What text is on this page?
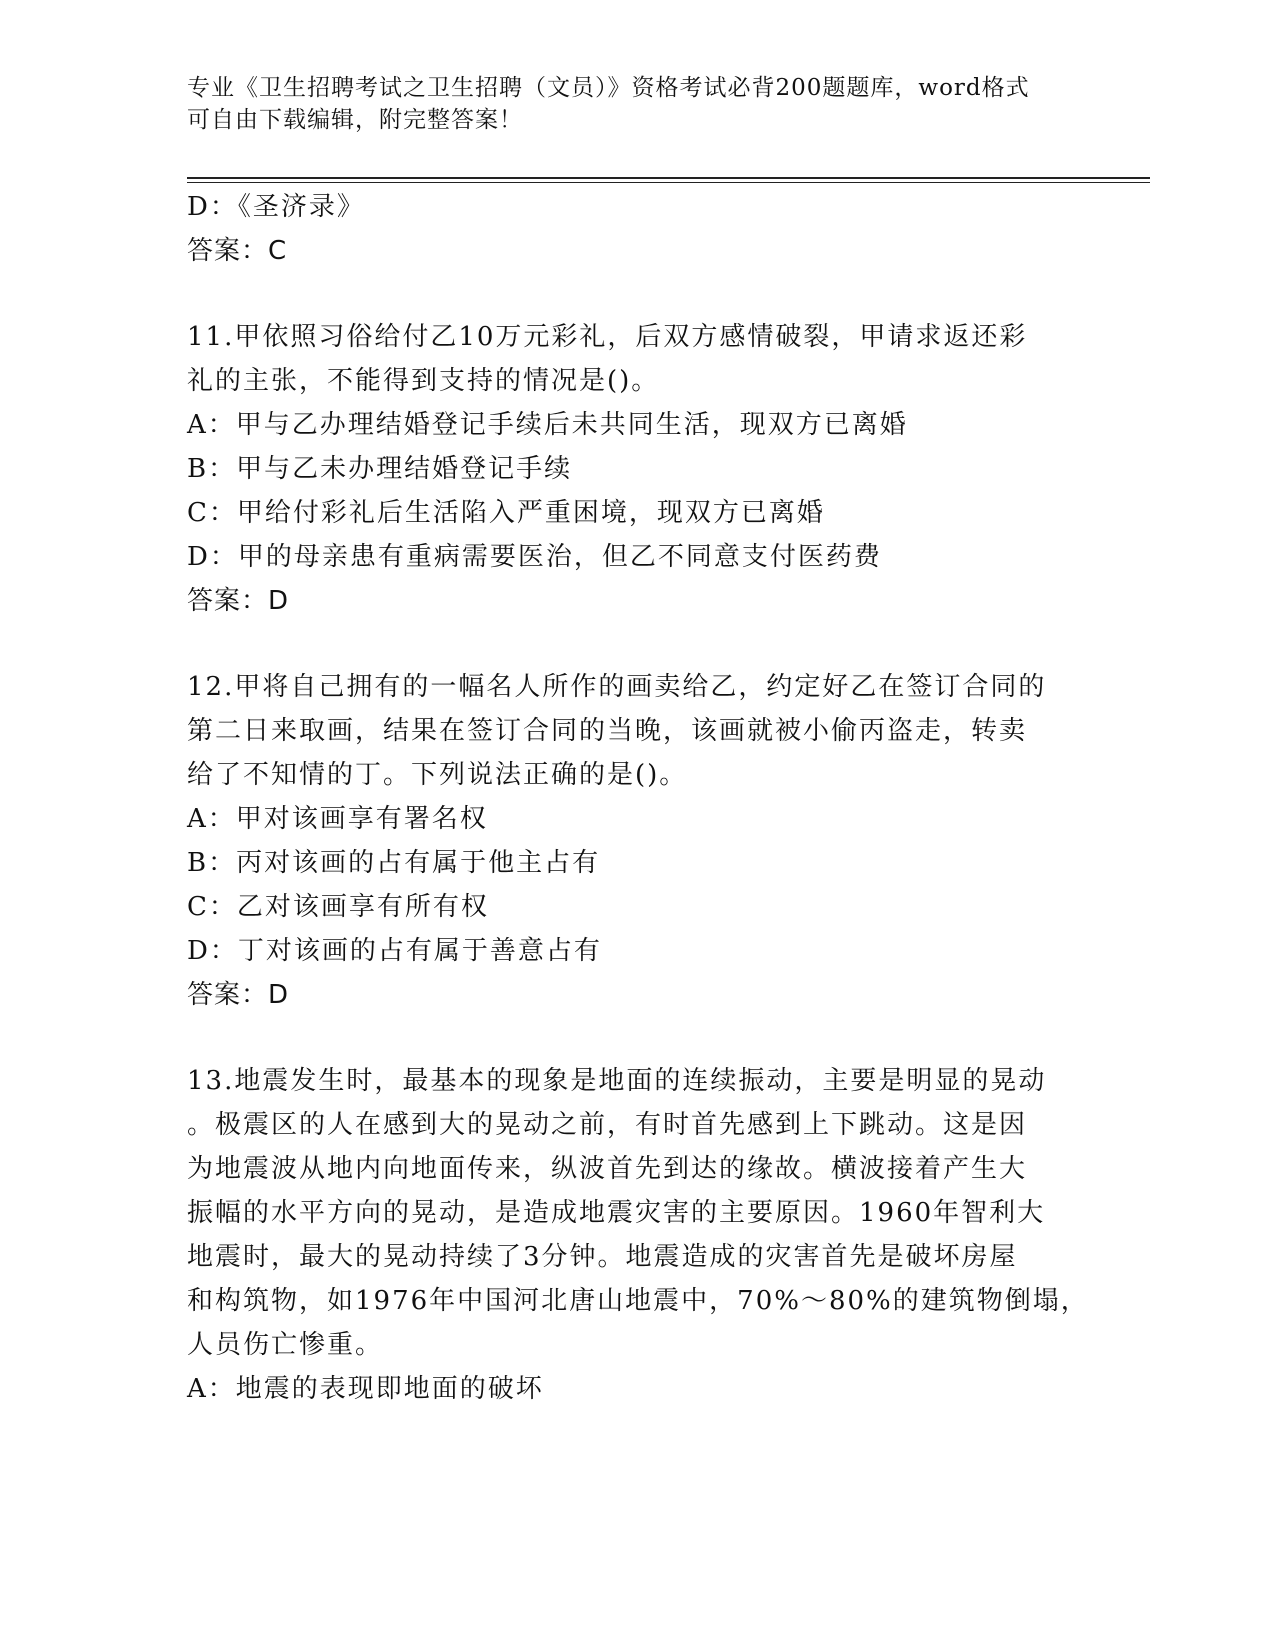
专业《卫生招聘考试之卫生招聘（文员）》资格考试必背200题题库，word格式
可自由下载编辑，附完整答案！
D：《圣济录》
答案：C
11.甲依照习俗给付乙10万元彩礼，后双方感情破裂，甲请求返还彩
礼的主张，不能得到支持的情况是()。
A：甲与乙办理结婚登记手续后未共同生活，现双方已离婚
B：甲与乙未办理结婚登记手续
C：甲给付彩礼后生活陷入严重困境，现双方已离婚
D：甲的母亲患有重病需要医治，但乙不同意支付医药费
答案：D
12.甲将自己拥有的一幅名人所作的画卖给乙，约定好乙在签订合同的
第二日来取画，结果在签订合同的当晚，该画就被小偷丙盗走，转卖
给了不知情的丁。下列说法正确的是()。
A：甲对该画享有署名权
B：丙对该画的占有属于他主占有
C：乙对该画享有所有权
D：丁对该画的占有属于善意占有
答案：D
13.地震发生时，最基本的现象是地面的连续振动，主要是明显的晃动
。极震区的人在感到大的晃动之前，有时首先感到上下跳动。这是因
为地震波从地内向地面传来，纵波首先到达的缘故。横波接着产生大
振幅的水平方向的晃动，是造成地震灾害的主要原因。1960年智利大
地震时，最大的晃动持续了3分钟。地震造成的灾害首先是破坏房屋
和构筑物，如1976年中国河北唐山地震中，70%～80%的建筑物倒塌，
人员伤亡惨重。
A：地震的表现即地面的破坏
